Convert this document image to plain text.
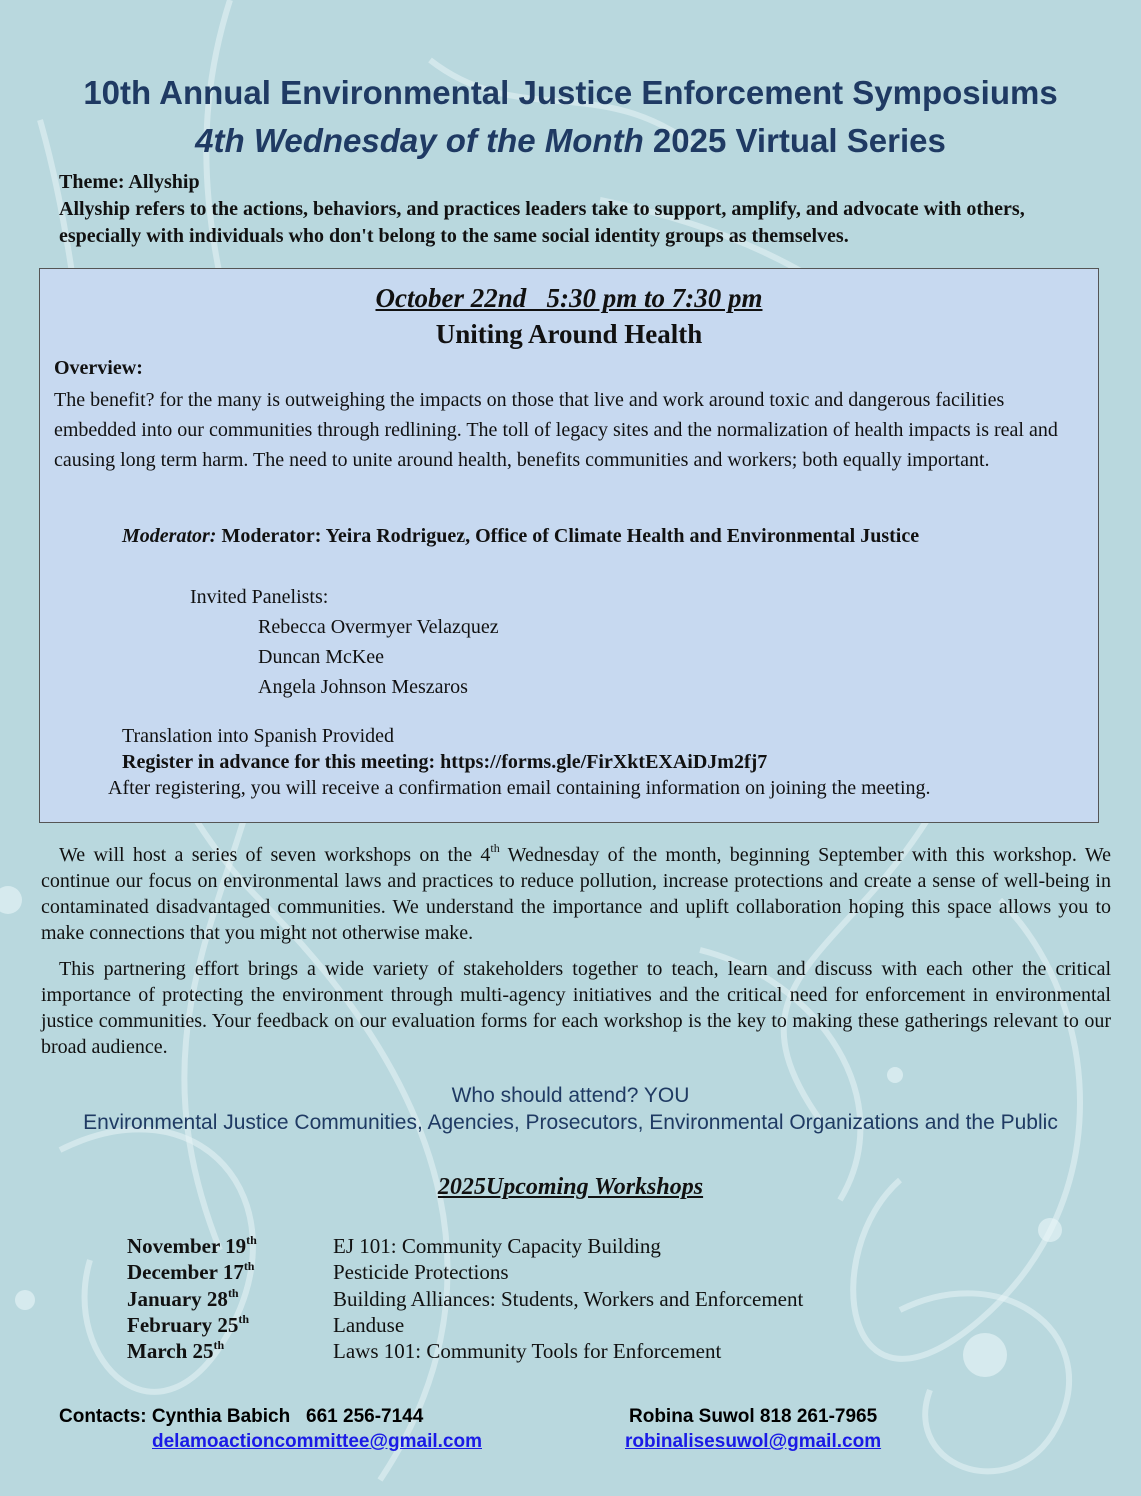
10th Annual Environmental Justice Enforcement Symposiums
4th Wednesday of the Month 2025 Virtual Series
Theme: Allyship
Allyship refers to the actions, behaviors, and practices leaders take to support, amplify, and advocate with others, especially with individuals who don't belong to the same social identity groups as themselves.
October 22nd   5:30 pm to 7:30 pm
Uniting Around Health
Overview:
The benefit? for the many is outweighing the impacts on those that live and work around toxic and dangerous facilities embedded into our communities through redlining. The toll of legacy sites and the normalization of health impacts is real and causing long term harm. The need to unite around health, benefits communities and workers; both equally important.
Moderator: Moderator: Yeira Rodriguez, Office of Climate Health and Environmental Justice
Invited Panelists:
Rebecca Overmyer Velazquez
Duncan McKee
Angela Johnson Meszaros
Translation into Spanish Provided
Register in advance for this meeting: https://forms.gle/FirXktEXAiDJm2fj7
After registering, you will receive a confirmation email containing information on joining the meeting.
We will host a series of seven workshops on the 4th Wednesday of the month, beginning September with this workshop. We continue our focus on environmental laws and practices to reduce pollution, increase protections and create a sense of well-being in contaminated disadvantaged communities. We understand the importance and uplift collaboration hoping this space allows you to make connections that you might not otherwise make.
This partnering effort brings a wide variety of stakeholders together to teach, learn and discuss with each other the critical importance of protecting the environment through multi-agency initiatives and the critical need for enforcement in environmental justice communities. Your feedback on our evaluation forms for each workshop is the key to making these gatherings relevant to our broad audience.
Who should attend? YOU
Environmental Justice Communities, Agencies, Prosecutors, Environmental Organizations and the Public
2025Upcoming Workshops
November 19th	EJ 101: Community Capacity Building
December 17th	Pesticide Protections
January 28th	Building Alliances: Students, Workers and Enforcement
February 25th	Landuse
March 25th	Laws 101: Community Tools for Enforcement
Contacts: Cynthia Babich   661 256-7144
delamoactioncommittee@gmail.com
Robina Suwol 818 261-7965
robinalisesuwol@gmail.com
